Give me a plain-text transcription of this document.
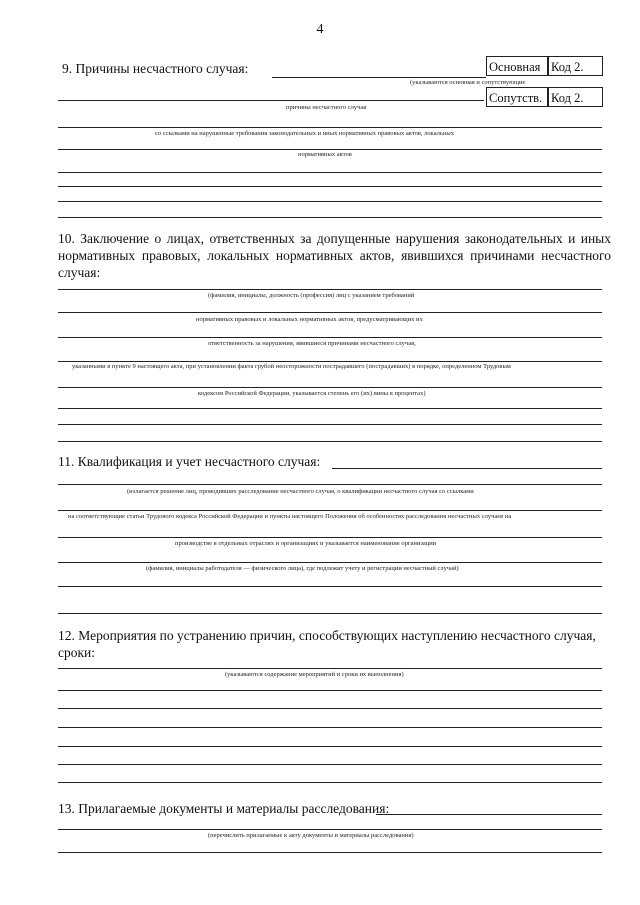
4
9. Причины несчастного случая:	Основная Код 2.
(указываются основная и сопутствующие
Сопутств. Код 2.
причины несчастного случая
со ссылками на нарушенные требования законодательных и иных нормативных правовых актов, локальных
нормативных актов
10. Заключение о лицах, ответственных за допущенные нарушения законодательных и иных нормативных правовых, локальных нормативных актов, явившихся причинами несчастного случая:
(фамилия, инициалы, должность (профессия) лиц с указанием требований
нормативных правовых и локальных нормативных актов, предусматривающих их
ответственность за нарушения, явившиеся причинами несчастного случая,
указанными в пункте 9 настоящего акта, при установлении факта грубой неосторожности пострадавшего (пострадавших) в порядке, определенном Трудовым
кодексом Российской Федерации, указывается степень его (их) вины в процентах)
11. Квалификация и учет несчастного случая:
(излагается решение лиц, проводивших расследование несчастного случая, о квалификации несчастного случая со ссылками
на соответствующие статьи Трудового кодекса Российской Федерации и пункты настоящего Положения об особенностях расследования несчастных случаев на
производстве в отдельных отраслях и организациях и указывается наименование организации
(фамилия, инициалы работодателя — физического лица), где подлежит учету и регистрации несчастный случай)
12. Мероприятия по устранению причин, способствующих наступлению несчастного случая, сроки:
(указываются содержание мероприятий и сроки их выполнения)
13. Прилагаемые документы и материалы расследования:
(перечислить прилагаемые к акту документы и материалы расследования)
